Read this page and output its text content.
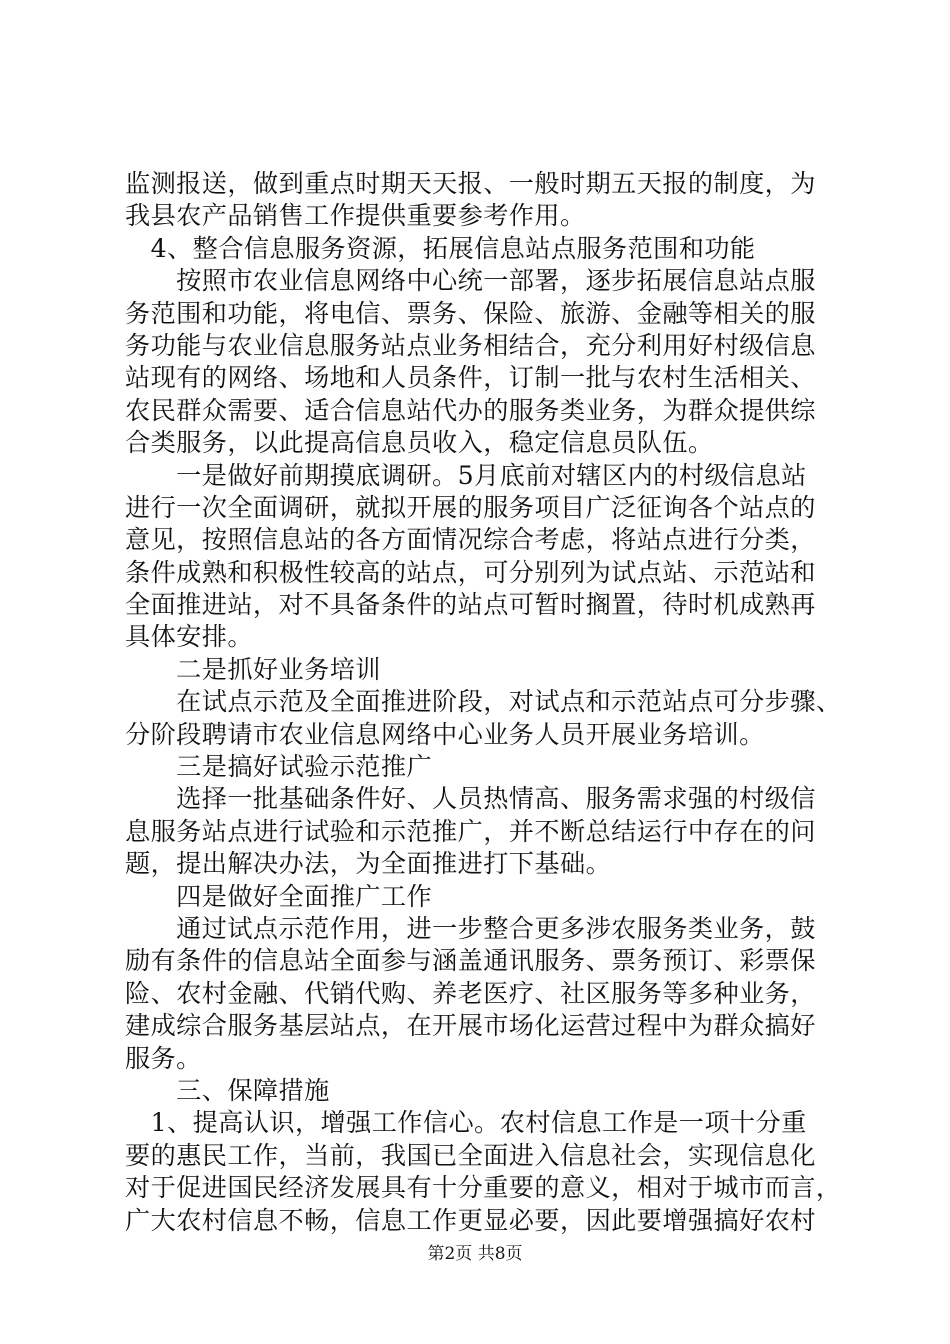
监测报送，做到重点时期天天报、一般时期五天报的制度，为
我县农产品销售工作提供重要参考作用。
　4、整合信息服务资源，拓展信息站点服务范围和功能
　　按照市农业信息网络中心统一部署，逐步拓展信息站点服
务范围和功能，将电信、票务、保险、旅游、金融等相关的服
务功能与农业信息服务站点业务相结合，充分利用好村级信息
站现有的网络、场地和人员条件，订制一批与农村生活相关、
农民群众需要、适合信息站代办的服务类业务，为群众提供综
合类服务，以此提高信息员收入，稳定信息员队伍。
　　一是做好前期摸底调研。5月底前对辖区内的村级信息站
进行一次全面调研，就拟开展的服务项目广泛征询各个站点的
意见，按照信息站的各方面情况综合考虑，将站点进行分类，
条件成熟和积极性较高的站点，可分别列为试点站、示范站和
全面推进站，对不具备条件的站点可暂时搁置，待时机成熟再
具体安排。
　　二是抓好业务培训
　　在试点示范及全面推进阶段，对试点和示范站点可分步骤、
分阶段聘请市农业信息网络中心业务人员开展业务培训。
　　三是搞好试验示范推广
　　选择一批基础条件好、人员热情高、服务需求强的村级信
息服务站点进行试验和示范推广，并不断总结运行中存在的问
题，提出解决办法，为全面推进打下基础。
　　四是做好全面推广工作
　　通过试点示范作用，进一步整合更多涉农服务类业务，鼓
励有条件的信息站全面参与涵盖通讯服务、票务预订、彩票保
险、农村金融、代销代购、养老医疗、社区服务等多种业务，
建成综合服务基层站点，在开展市场化运营过程中为群众搞好
服务。
　　三、保障措施
　1、提高认识，增强工作信心。农村信息工作是一项十分重
要的惠民工作，当前，我国已全面进入信息社会，实现信息化
对于促进国民经济发展具有十分重要的意义，相对于城市而言，
广大农村信息不畅，信息工作更显必要，因此要增强搞好农村
第2页 共8页
